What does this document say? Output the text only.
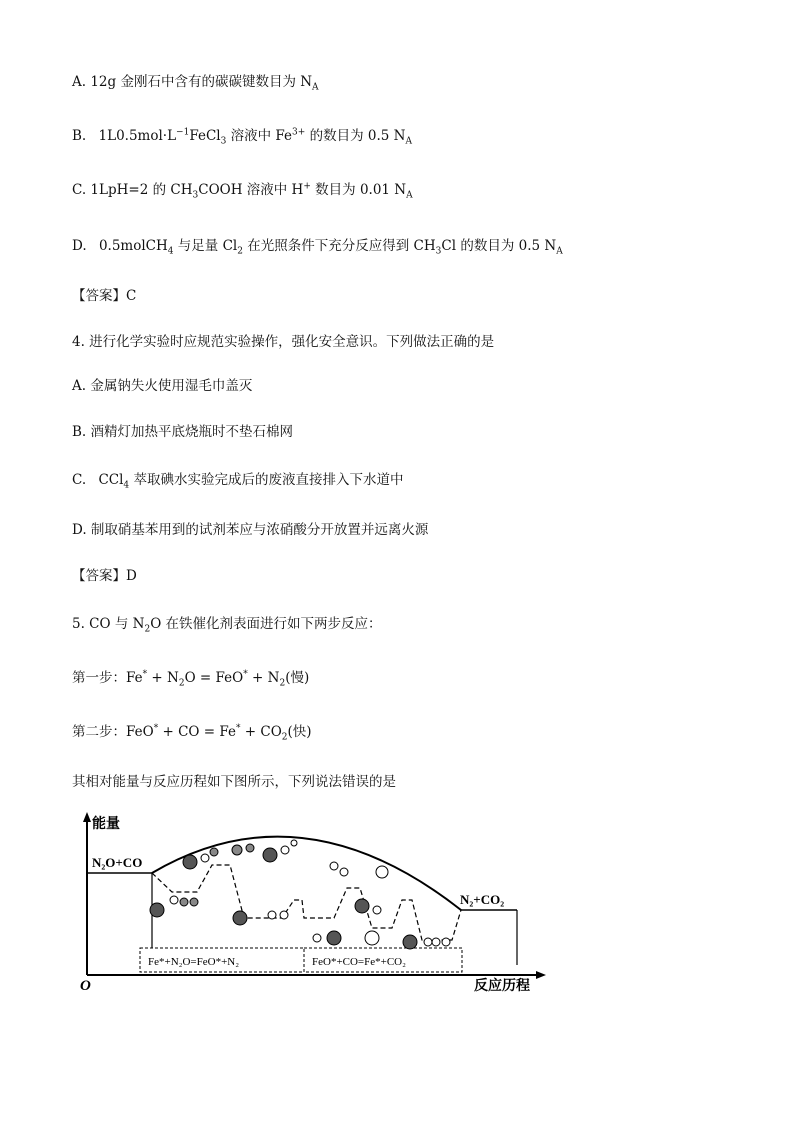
A. 12g 金刚石中含有的碳碳键数目为 $N_A$
B. $1L0.5mol\cdot L^{-1}FeCl_3$ 溶液中 $Fe^{3+}$ 的数目为 0.5 $N_A$
C. 1LpH=2 的 $CH_3COOH$ 溶液中 H+ 数目为 0.01 $N_A$
D. 0.5molCH$_4$ 与足量 $Cl_2$ 在光照条件下充分反应得到 $CH_3Cl$ 的数目为 0.5 $N_A$
【答案】C
4. 进行化学实验时应规范实验操作，强化安全意识。下列做法正确的是
A. 金属钠失火使用湿毛巾盖灭
B. 酒精灯加热平底烧瓶时不垫石棉网
C. CCl$_4$ 萃取碘水实验完成后的废液直接排入下水道中
D. 制取硝基苯用到的试剂苯应与浓硝酸分开放置并远离火源
【答案】D
5. CO 与 $N_2O$ 在铁催化剂表面进行如下两步反应：
第一步：$Fe^* + N_2O = FeO^* + N_2$(慢)
第二步：FeO* + CO = $Fe^* + CO_2$(快)
其相对能量与反应历程如下图所示，下列说法错误的是
能量
O	反应历程
N₂O+CO
N₂+CO₂
Fe*+N₂O=FeO*+N₂	FeO*+CO=Fe*+CO₂
